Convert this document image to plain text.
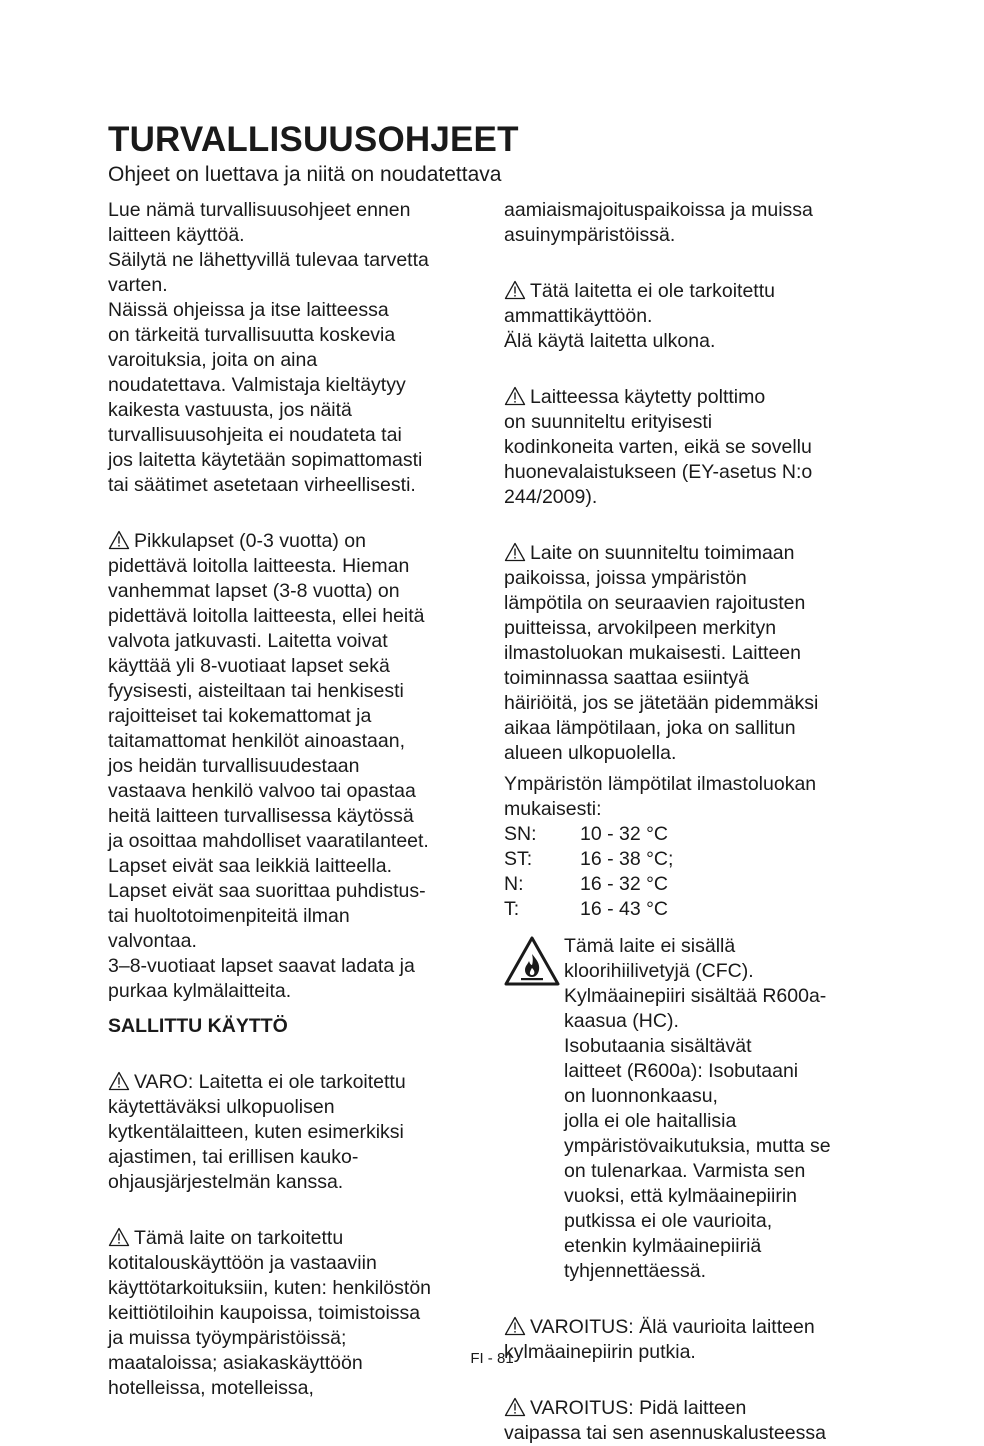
TURVALLISUUSOHJEET
Ohjeet on luettava ja niitä on noudatettava

Lue nämä turvallisuusohjeet ennen
laitteen käyttöä.
Säilytä ne lähettyvillä tulevaa tarvetta
varten.
Näissä ohjeissa ja itse laitteessa
on tärkeitä turvallisuutta koskevia
varoituksia, joita on aina
noudatettava. Valmistaja kieltäytyy
kaikesta vastuusta, jos näitä
turvallisuusohjeita ei noudateta tai
jos laitetta käytetään sopimattomasti
tai säätimet asetetaan virheellisesti.

Pikkulapset (0-3 vuotta) on
pidettävä loitolla laitteesta. Hieman
vanhemmat lapset (3-8 vuotta) on
pidettävä loitolla laitteesta, ellei heitä
valvota jatkuvasti. Laitetta voivat
käyttää yli 8-vuotiaat lapset sekä
fyysisesti, aisteiltaan tai henkisesti
rajoitteiset tai kokemattomat ja
taitamattomat henkilöt ainoastaan,
jos heidän turvallisuudestaan
vastaava henkilö valvoo tai opastaa
heitä laitteen turvallisessa käytössä
ja osoittaa mahdolliset vaaratilanteet.
Lapset eivät saa leikkiä laitteella.
Lapset eivät saa suorittaa puhdistus-
tai huoltotoimenpiteitä ilman
valvontaa.
3–8-vuotiaat lapset saavat ladata ja
purkaa kylmälaitteita.

SALLITTU KÄYTTÖ

VARO: Laitetta ei ole tarkoitettu
käytettäväksi ulkopuolisen
kytkentälaitteen, kuten esimerkiksi
ajastimen, tai erillisen kauko-
ohjausjärjestelmän kanssa.

Tämä laite on tarkoitettu
kotitalouskäyttöön ja vastaaviin
käyttötarkoituksiin, kuten: henkilöstön
keittiötiloihin kaupoissa, toimistoissa
ja muissa työympäristöissä;
maataloissa; asiakaskäyttöön
hotelleissa, motelleissa,

aamiaismajoituspaikoissa ja muissa
asuinympäristöissä.

Tätä laitetta ei ole tarkoitettu
ammattikäyttöön.
Älä käytä laitetta ulkona.

Laitteessa käytetty polttimo
on suunniteltu erityisesti
kodinkoneita varten, eikä se sovellu
huonevalaistukseen (EY-asetus N:o
244/2009).

Laite on suunniteltu toimimaan
paikoissa, joissa ympäristön
lämpötila on seuraavien rajoitusten
puitteissa, arvokilpeen merkityn
ilmastoluokan mukaisesti. Laitteen
toiminnassa saattaa esiintyä
häiriöitä, jos se jätetään pidemmäksi
aikaa lämpötilaan, joka on sallitun
alueen ulkopuolella.

Ympäristön lämpötilat ilmastoluokan
mukaisesti:

SN:	10 - 32 °C
ST:	16 - 38 °C;
N:	16 - 32 °C
T:	16 - 43 °C

Tämä laite ei sisällä
kloorihiilivetyjä (CFC).
Kylmäainepiiri sisältää R600a-
kaasua (HC).
Isobutaania sisältävät
laitteet (R600a): Isobutaani
on luonnonkaasu,
jolla ei ole haitallisia
ympäristövaikutuksia, mutta se
on tulenarkaa. Varmista sen
vuoksi, että kylmäainepiirin
putkissa ei ole vaurioita,
etenkin kylmäainepiiriä
tyhjennettäessä.

VAROITUS: Älä vaurioita laitteen
kylmäainepiirin putkia.

VAROITUS: Pidä laitteen
vaipassa tai sen asennuskalusteessa

FI - 81
